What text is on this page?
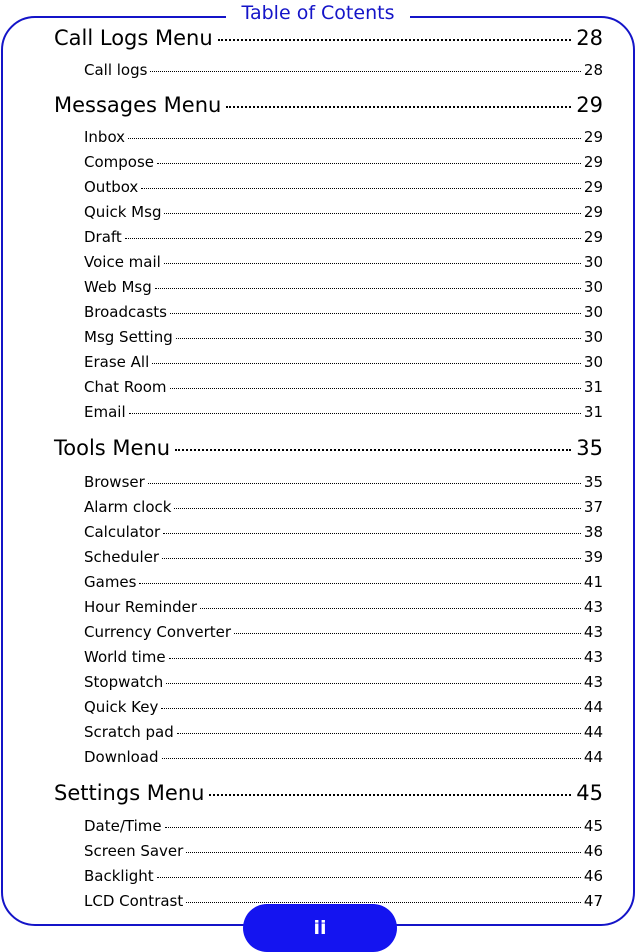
Table of Cotents
Call Logs Menu	28
Call logs	28
Messages Menu	29
Inbox	29
Compose	29
Outbox	29
Quick Msg	29
Draft	29
Voice mail	30
Web Msg	30
Broadcasts	30
Msg Setting	30
Erase All	30
Chat Room	31
Email	31
Tools Menu	35
Browser	35
Alarm clock	37
Calculator	38
Scheduler	39
Games	41
Hour Reminder	43
Currency Converter	43
World time	43
Stopwatch	43
Quick Key	44
Scratch pad	44
Download	44
Settings Menu	45
Date/Time	45
Screen Saver	46
Backlight	46
LCD Contrast	47
ii
